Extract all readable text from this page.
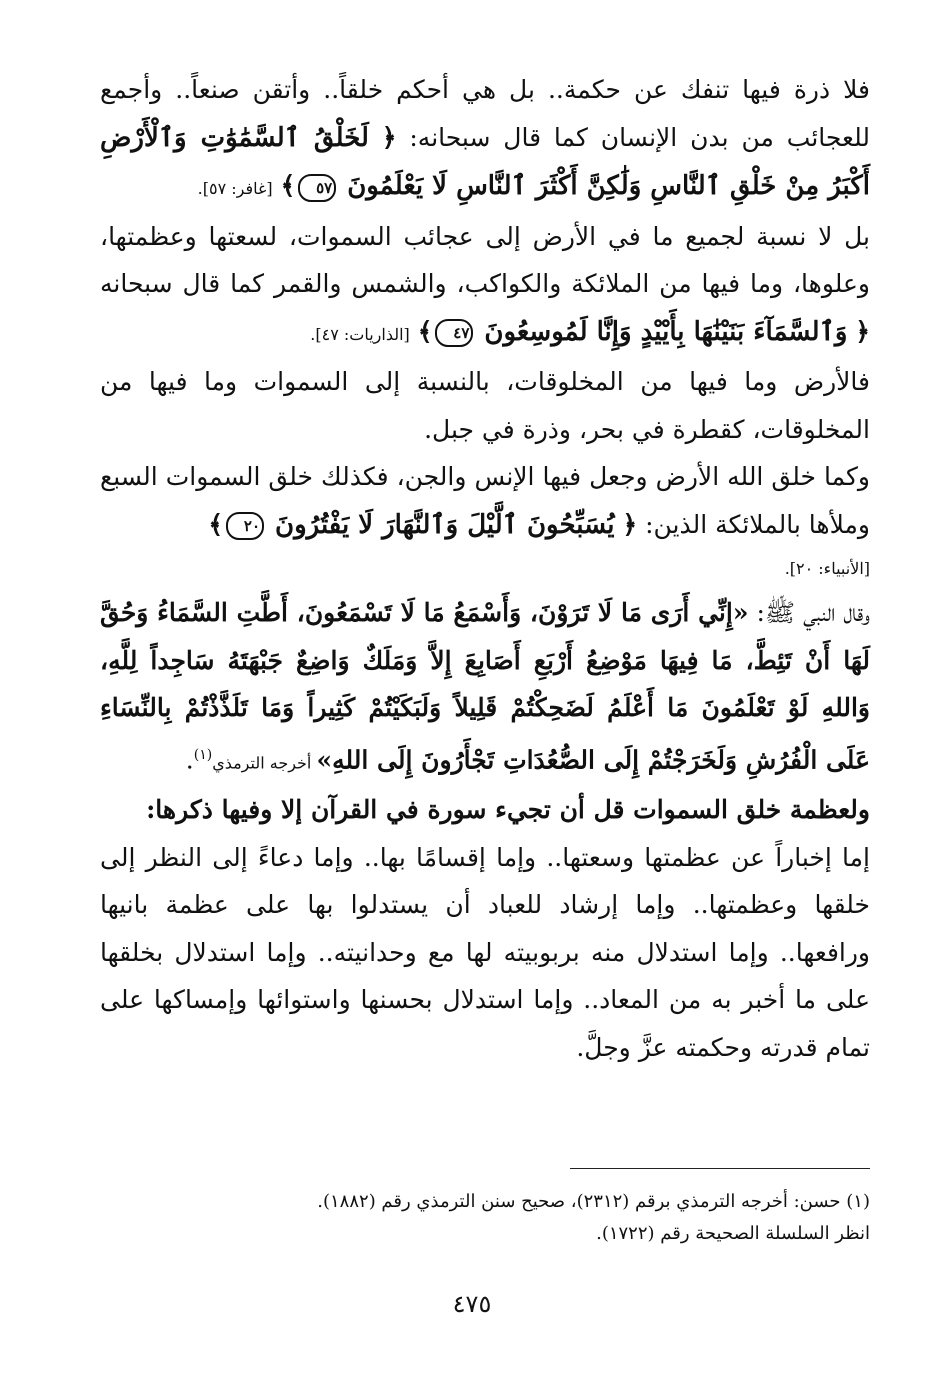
فلا ذرة فيها تنفك عن حكمة.. بل هي أحكم خلقاً.. وأتقن صنعاً.. وأجمع للعجائب من بدن الإنسان كما قال سبحانه: ﴿ لَخَلْقُ ٱلسَّمَٰوَٰتِ وَٱلْأَرْضِ أَكْبَرُ مِنْ خَلْقِ ٱلنَّاسِ وَلَٰكِنَّ أَكْثَرَ ٱلنَّاسِ لَا يَعْلَمُونَ ٥٧﴾ [غافر: ٥٧].

بل لا نسبة لجميع ما في الأرض إلى عجائب السموات، لسعتها وعظمتها، وعلوها، وما فيها من الملائكة والكواكب، والشمس والقمر كما قال سبحانه ﴿ وَٱلسَّمَآءَ بَنَيْنَٰهَا بِأَيْيْدٍ وَإِنَّا لَمُوسِعُونَ ٤٧﴾ [الذاريات: ٤٧].

فالأرض وما فيها من المخلوقات، بالنسبة إلى السموات وما فيها من المخلوقات، كقطرة في بحر، وذرة في جبل.

وكما خلق الله الأرض وجعل فيها الإنس والجن، فكذلك خلق السموات السبع وملأها بالملائكة الذين: ﴿ يُسَبِّحُونَ ٱلَّيْلَ وَٱلنَّهَارَ لَا يَفْتُرُونَ ٢٠﴾

[الأنبياء: ٢٠].

وقال النبي ﷺ: «إِنِّي أَرَى مَا لَا تَرَوْنَ، وَأَسْمَعُ مَا لَا تَسْمَعُونَ، أَطَّتِ السَّمَاءُ وَحُقَّ لَهَا أَنْ تَئِطَّ، مَا فِيهَا مَوْضِعُ أَرْبَعِ أَصَابِعَ إِلاَّ وَمَلَكٌ وَاضِعٌ جَبْهَتَهُ سَاجِداً لِلَّهِ، وَاللهِ لَوْ تَعْلَمُونَ مَا أَعْلَمُ لَضَحِكْتُمْ قَلِيلاً وَلَبَكَيْتُمْ كَثِيراً وَمَا تَلَذَّذْتُمْ بِالنِّسَاءِ عَلَى الْفُرُشِ وَلَخَرَجْتُمْ إِلَى الصُّعُدَاتِ تَجْأَرُونَ إِلَى اللهِ» أخرجه الترمذي$^{(١)}$.

ولعظمة خلق السموات قل أن تجيء سورة في القرآن إلا وفيها ذكرها:

إما إخباراً عن عظمتها وسعتها.. وإما إقسامًا بها.. وإما دعاءً إلى النظر إلى خلقها وعظمتها.. وإما إرشاد للعباد أن يستدلوا بها على عظمة بانيها ورافعها.. وإما استدلال منه بربوبيته لها مع وحدانيته.. وإما استدلال بخلقها على ما أخبر به من المعاد.. وإما استدلال بحسنها واستوائها وإمساكها على تمام قدرته وحكمته عزَّ وجلَّ.

(١) حسن: أخرجه الترمذي برقم (٢٣١٢)، صحيح سنن الترمذي رقم (١٨٨٢).

انظر السلسلة الصحيحة رقم (١٧٢٢).

٤٧٥
